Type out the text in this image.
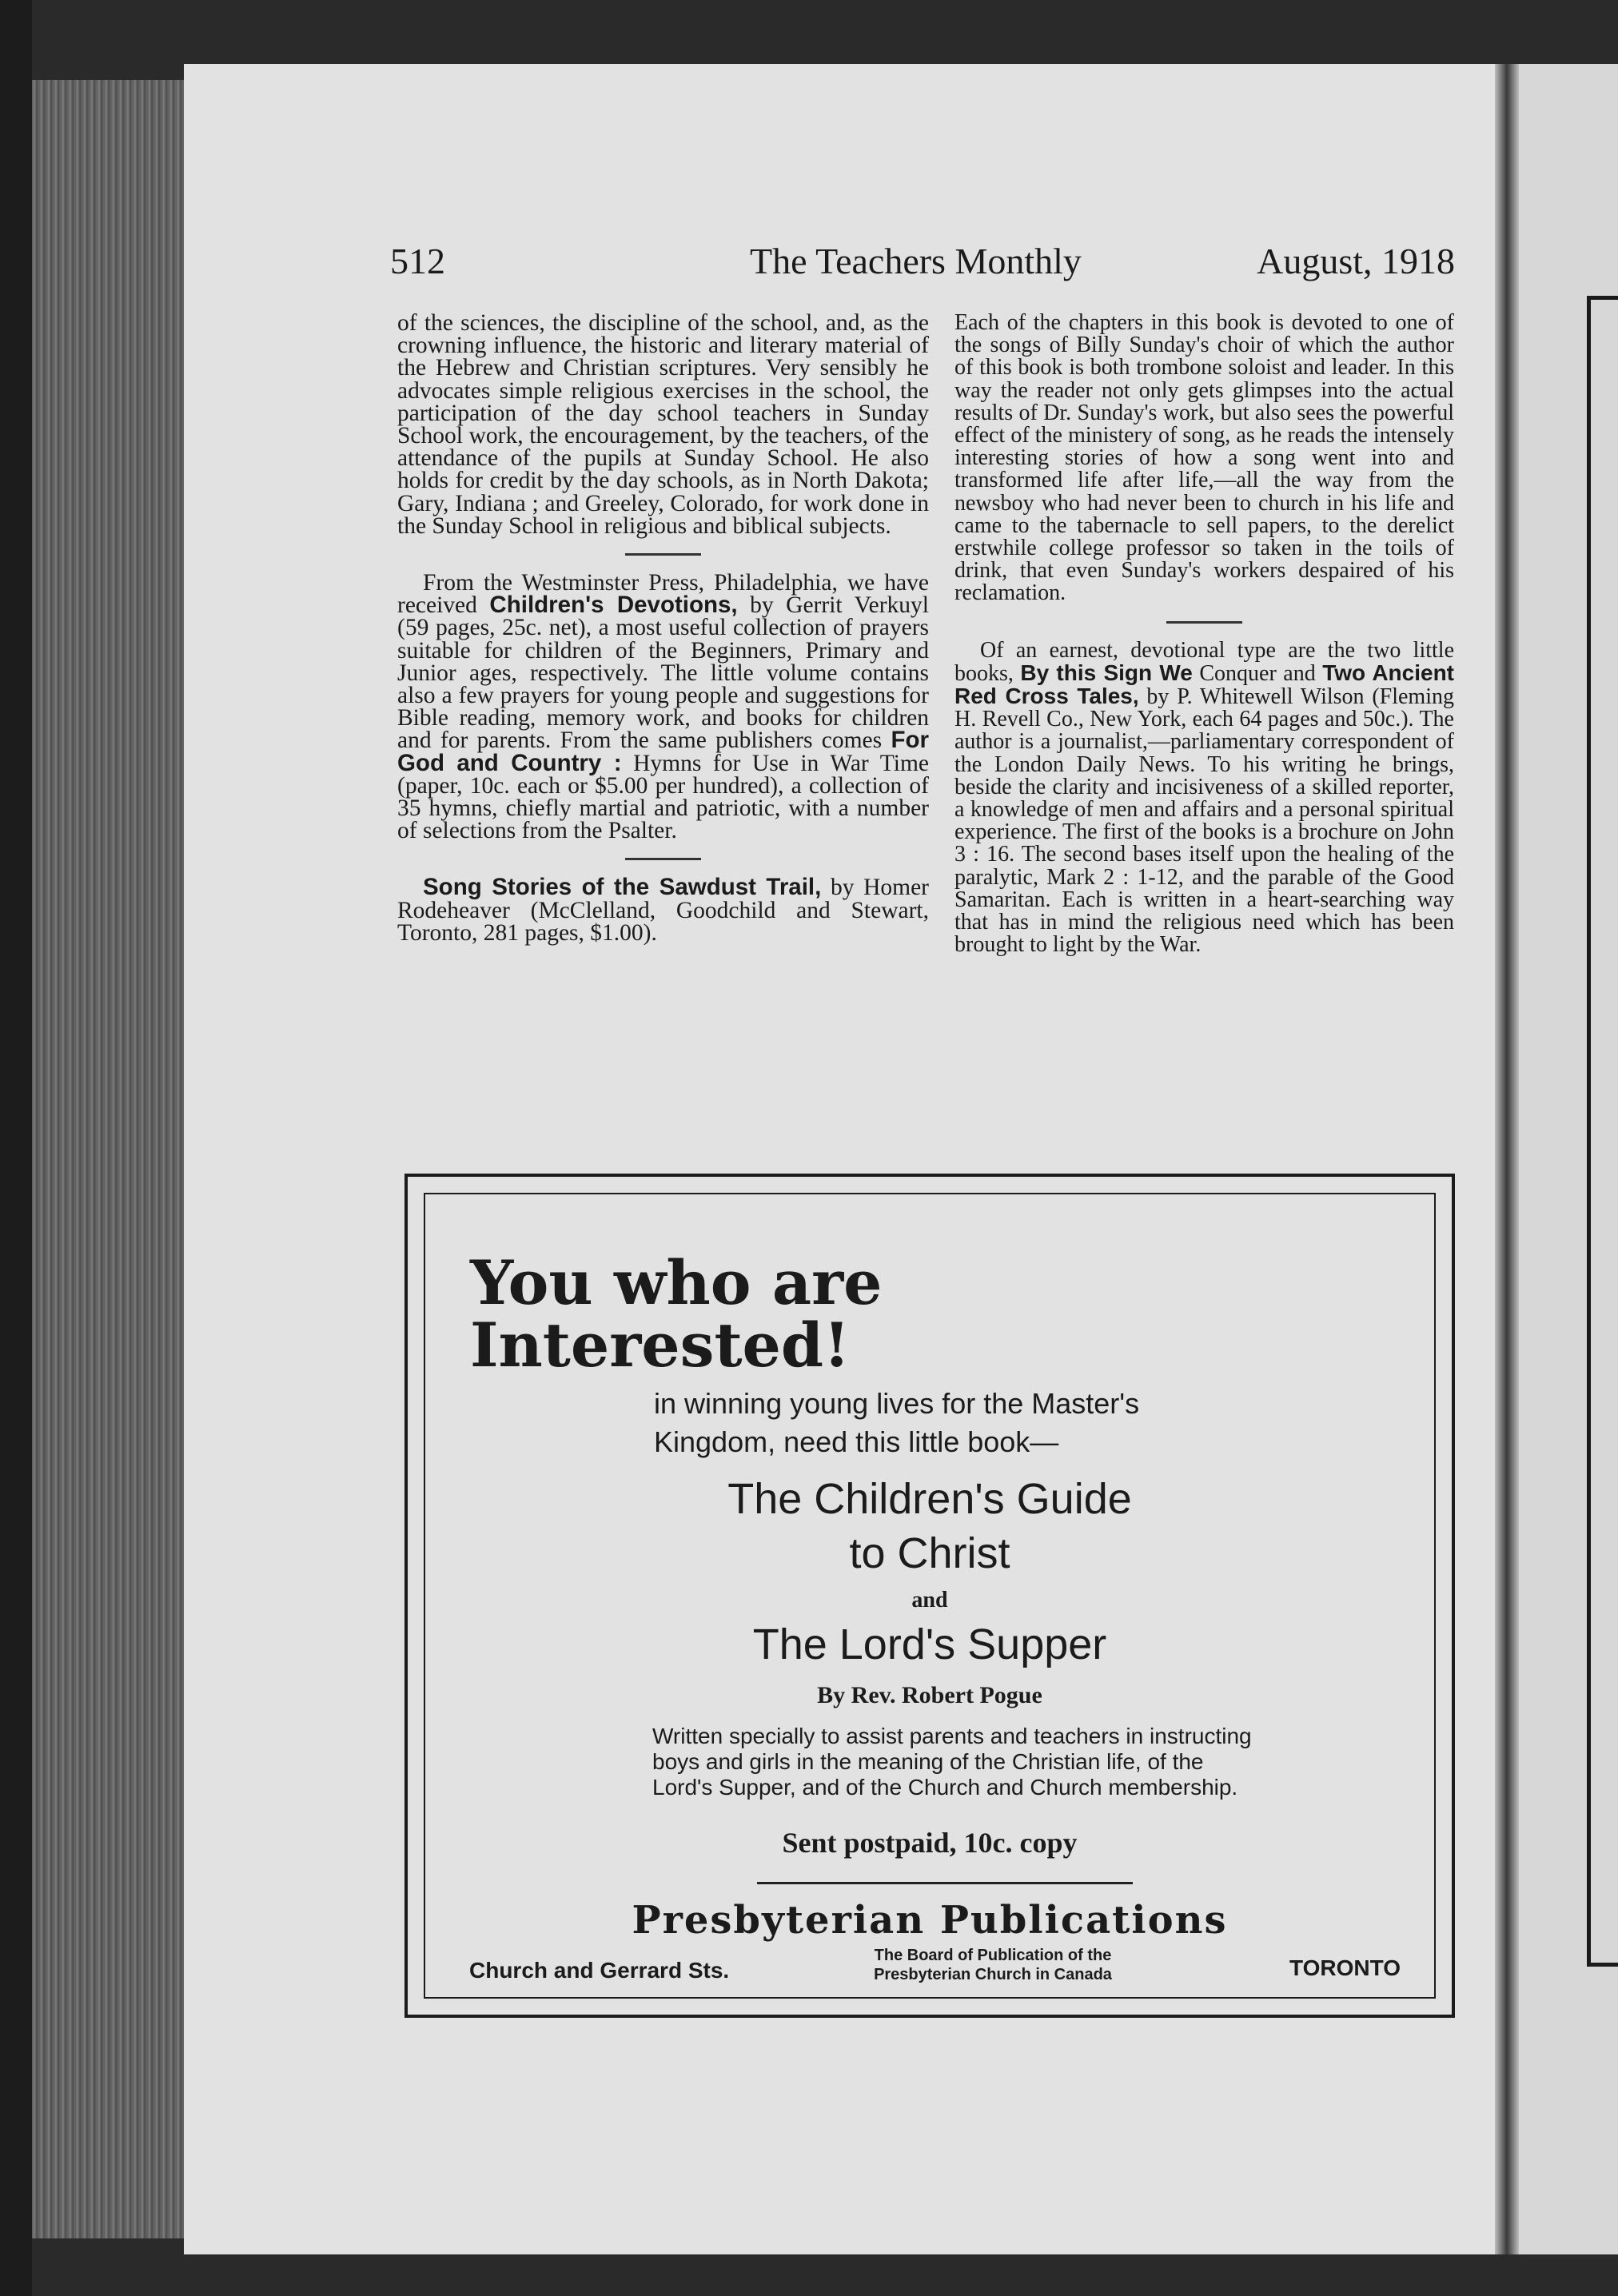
512	The Teachers Monthly	August, 1918

of the sciences, the discipline of the school, and, as the crowning influence, the historic and literary material of the Hebrew and Christian scriptures. Very sensibly he advocates simple religious exercises in the school, the participation of the day school teachers in Sunday School work, the encouragement, by the teachers, of the attendance of the pupils at Sunday School. He also holds for credit by the day schools, as in North Dakota; Gary, Indiana ; and Greeley, Colorado, for work done in the Sunday School in religious and biblical subjects.

From the Westminster Press, Philadelphia, we have received Children's Devotions, by Gerrit Verkuyl (59 pages, 25c. net), a most useful collection of prayers suitable for children of the Beginners, Primary and Junior ages, respectively. The little volume contains also a few prayers for young people and suggestions for Bible reading, memory work, and books for children and for parents. From the same publishers comes For God and Country : Hymns for Use in War Time (paper, 10c. each or $5.00 per hundred), a collection of 35 hymns, chiefly martial and patriotic, with a number of selections from the Psalter.

Song Stories of the Sawdust Trail, by Homer Rodeheaver (McClelland, Goodchild and Stewart, Toronto, 281 pages, $1.00).

Each of the chapters in this book is devoted to one of the songs of Billy Sunday's choir of which the author of this book is both trombone soloist and leader. In this way the reader not only gets glimpses into the actual results of Dr. Sunday's work, but also sees the powerful effect of the ministery of song, as he reads the intensely interesting stories of how a song went into and transformed life after life,—all the way from the newsboy who had never been to church in his life and came to the tabernacle to sell papers, to the derelict erstwhile college professor so taken in the toils of drink, that even Sunday's workers despaired of his reclamation.

Of an earnest, devotional type are the two little books, By this Sign We Conquer and Two Ancient Red Cross Tales, by P. Whitewell Wilson (Fleming H. Revell Co., New York, each 64 pages and 50c.). The author is a journalist,—parliamentary correspondent of the London Daily News. To his writing he brings, beside the clarity and incisiveness of a skilled reporter, a knowledge of men and affairs and a personal spiritual experience. The first of the books is a brochure on John 3 : 16. The second bases itself upon the healing of the paralytic, Mark 2 : 1-12, and the parable of the Good Samaritan. Each is written in a heart-searching way that has in mind the religious need which has been brought to light by the War.

You who are
Interested!
in winning young lives for the Master's
Kingdom, need this little book—
The Children's Guide
to Christ
and
The Lord's Supper
By Rev. Robert Pogue
Written specially to assist parents and teachers in instructing boys and girls in the meaning of the Christian life, of the Lord's Supper, and of the Church and Church membership.
Sent postpaid, 10c. copy
Presbyterian Publications
Church and Gerrard Sts.
The Board of Publication of the
Presbyterian Church in Canada	TORONTO
